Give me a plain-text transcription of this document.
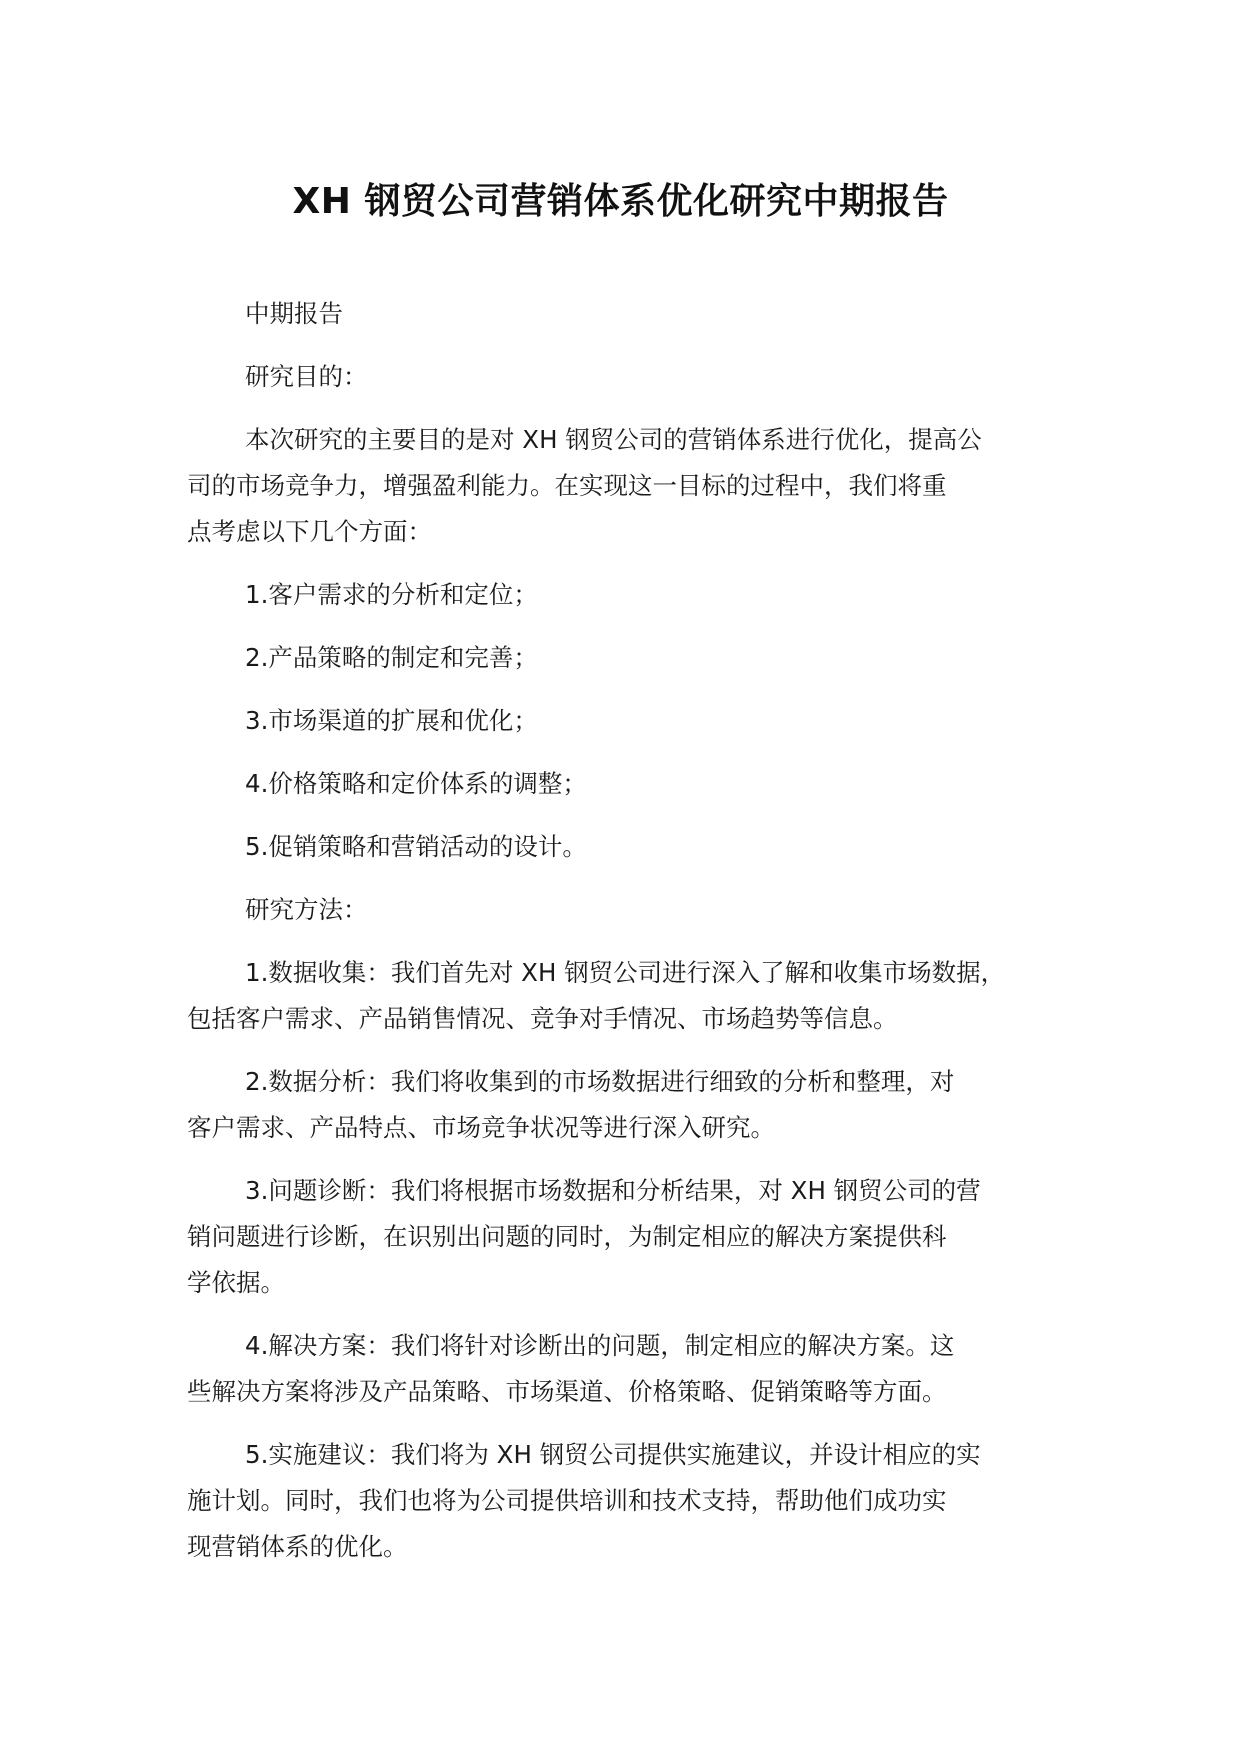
XH 钢贸公司营销体系优化研究中期报告

中期报告

研究目的：

本次研究的主要目的是对 XH 钢贸公司的营销体系进行优化，提高公
司的市场竞争力，增强盈利能力。在实现这一目标的过程中，我们将重
点考虑以下几个方面：

1.客户需求的分析和定位；

2.产品策略的制定和完善；

3.市场渠道的扩展和优化；

4.价格策略和定价体系的调整；

5.促销策略和营销活动的设计。

研究方法：

1.数据收集：我们首先对 XH 钢贸公司进行深入了解和收集市场数据，
包括客户需求、产品销售情况、竞争对手情况、市场趋势等信息。

2.数据分析：我们将收集到的市场数据进行细致的分析和整理，对
客户需求、产品特点、市场竞争状况等进行深入研究。

3.问题诊断：我们将根据市场数据和分析结果，对 XH 钢贸公司的营
销问题进行诊断，在识别出问题的同时，为制定相应的解决方案提供科
学依据。

4.解决方案：我们将针对诊断出的问题，制定相应的解决方案。这
些解决方案将涉及产品策略、市场渠道、价格策略、促销策略等方面。

5.实施建议：我们将为 XH 钢贸公司提供实施建议，并设计相应的实
施计划。同时，我们也将为公司提供培训和技术支持，帮助他们成功实
现营销体系的优化。
